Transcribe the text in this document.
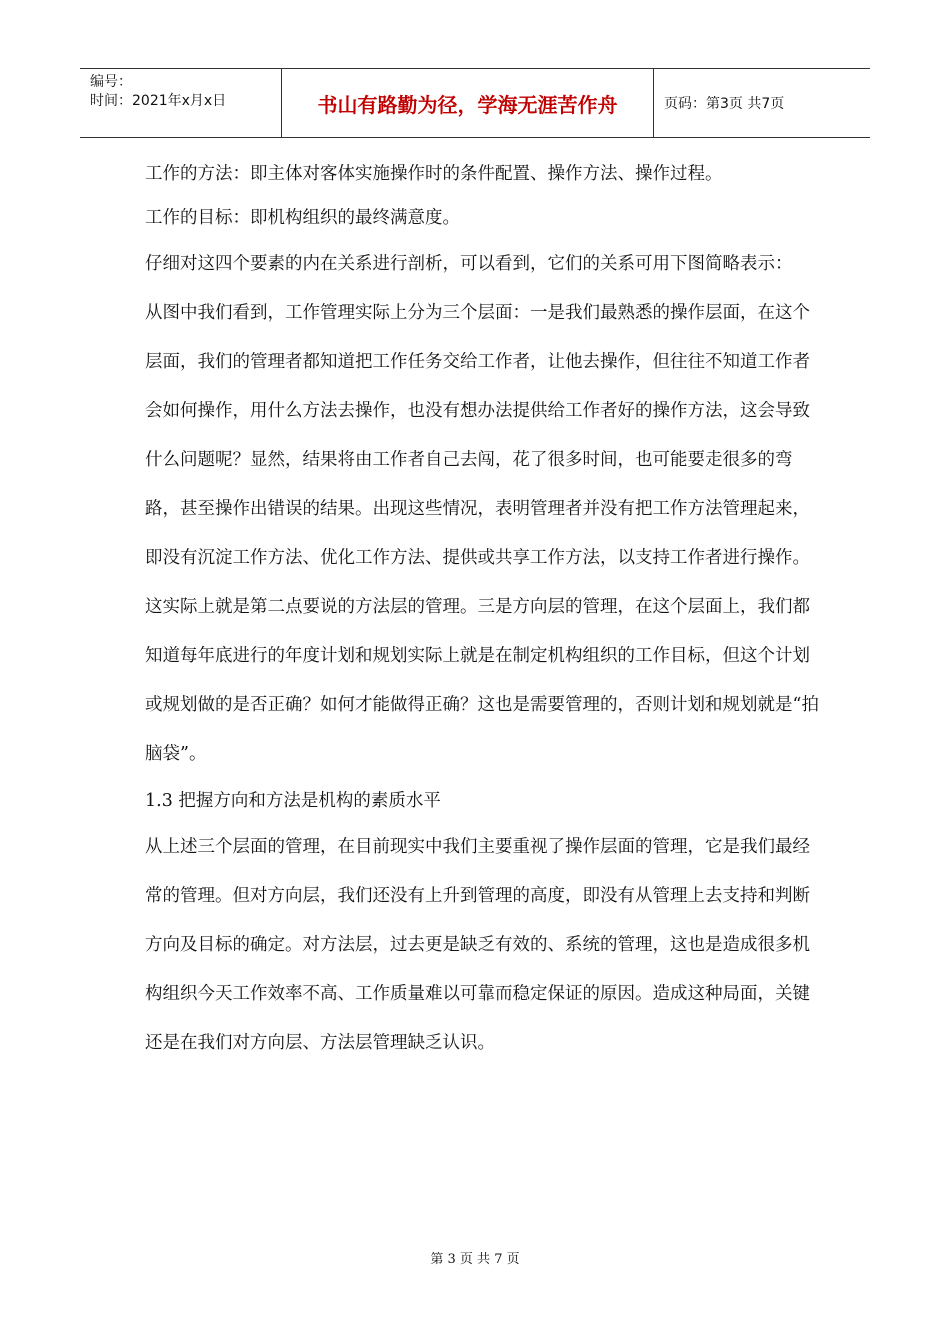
编号：
时间：2021年x月x日	书山有路勤为径，学海无涯苦作舟	页码：第3页 共7页

工作的方法：即主体对客体实施操作时的条件配置、操作方法、操作过程。

工作的目标：即机构组织的最终满意度。

仔细对这四个要素的内在关系进行剖析，可以看到，它们的关系可用下图简略表示：

从图中我们看到，工作管理实际上分为三个层面：一是我们最熟悉的操作层面，在这个层面，我们的管理者都知道把工作任务交给工作者，让他去操作，但往往不知道工作者会如何操作，用什么方法去操作，也没有想办法提供给工作者好的操作方法，这会导致什么问题呢？显然，结果将由工作者自己去闯，花了很多时间，也可能要走很多的弯路，甚至操作出错误的结果。出现这些情况，表明管理者并没有把工作方法管理起来，即没有沉淀工作方法、优化工作方法、提供或共享工作方法，以支持工作者进行操作。这实际上就是第二点要说的方法层的管理。三是方向层的管理，在这个层面上，我们都知道每年底进行的年度计划和规划实际上就是在制定机构组织的工作目标，但这个计划或规划做的是否正确？如何才能做得正确？这也是需要管理的，否则计划和规划就是“拍脑袋”。

1.3 把握方向和方法是机构的素质水平

从上述三个层面的管理，在目前现实中我们主要重视了操作层面的管理，它是我们最经常的管理。但对方向层，我们还没有上升到管理的高度，即没有从管理上去支持和判断方向及目标的确定。对方法层，过去更是缺乏有效的、系统的管理，这也是造成很多机构组织今天工作效率不高、工作质量难以可靠而稳定保证的原因。造成这种局面，关键还是在我们对方向层、方法层管理缺乏认识。

第 3 页 共 7 页
